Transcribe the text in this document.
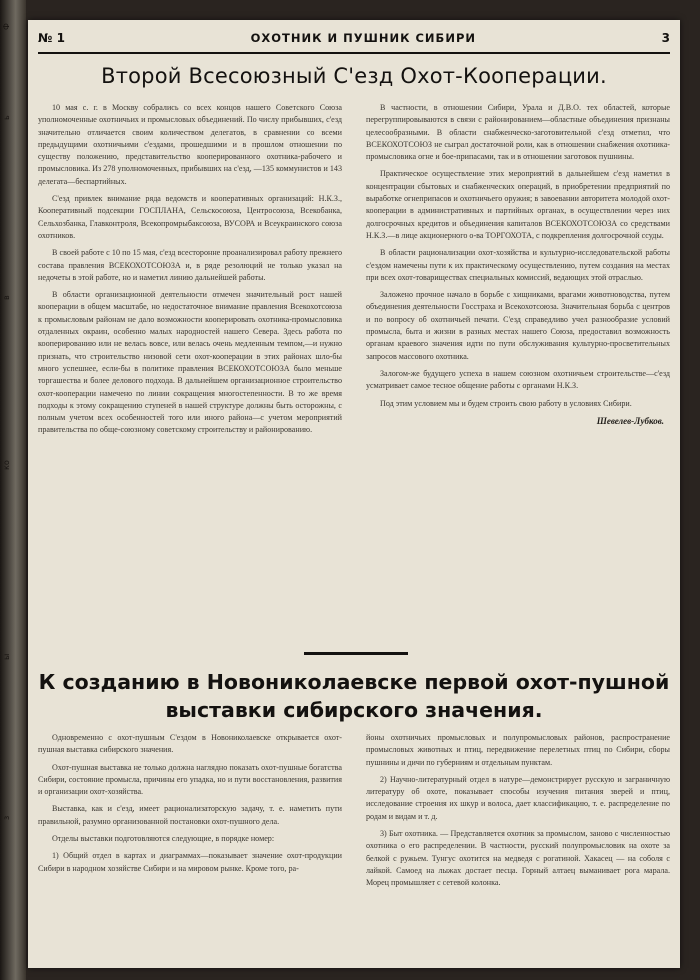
Ф
ь
в
ко
ы
з
№ 1	ОХОТНИК И ПУШНИК СИБИРИ	3
Второй Всесоюзный С'езд Охот-Кооперации.

10 мая с. г. в Москву собрались со всех концов нашего Советского Союза уполномоченные охотничьих и промысловых объединений. По числу прибывших, с'езд значительно отличается своим количеством делегатов, в сравнении со всеми предыдущими охотничьими с'ездами, прошедшими и в прошлом отношении по существу положению, представительство кооперированного охотника-рабочего и промысловика. Из 278 уполномоченных, прибывших на с'езд, —135 коммунистов и 143 делегата—беспартийных.

С'езд привлек внимание ряда ведомств и кооперативных организаций: Н.К.З., Кооперативный подсекции ГОСПЛАНА, Сельскосоюза, Центросоюза, Всекобанка, Сельхозбанка, Главконтроля, Всекопромрыбаксоюза, ВУСОРА и Всеукраинского союза охотников.

В своей работе с 10 по 15 мая, с'езд всесторонне проанализировал работу прежнего состава правления ВСЕКОХОТСОЮЗА и, в ряде резолюций не только указал на недочеты в этой работе, но и наметил линию дальнейшей работы.

В области организационной деятельности отмечен значительный рост нашей кооперации в общем масштабе, но недостаточное внимание правления Всекохотсоюза к промысловым районам не дало возможности кооперировать охотника-промысловика отдаленных окраин, особенно малых народностей нашего Севера. Здесь работа по кооперированию или не велась вовсе, или велась очень медленным темпом,—и нужно признать, что строительство низовой сети охот-кооперации в этих районах шло-бы много успешнее, если-бы в политике правления ВСЕКОХОТСОЮЗА было меньше торгашества и более делового подхода. В дальнейшем организационное строительство охот-кооперации намечено по линии сокращения многостепенности. В то же время подходы к этому сокращению ступеней в нашей структуре должны быть осторожны, с полным учетом всех особенностей того или иного района—с учетом мероприятий правительства по обще-союзному советскому строительству и районированию.

В частности, в отношении Сибири, Урала и Д.В.О. тех областей, которые перегруппировываются в связи с районированием—областные объединения признаны целесообразными. В области снабженческо-заготовительной с'езд отметил, что ВСЕКОХОТСОЮЗ не сыграл достаточной роли, как в отношении снабжения охотника-промысловика огне и бое-припасами, так и в отношении заготовок пушнины.

Практическое осуществление этих мероприятий в дальнейшем с'езд наметил в концентрации сбытовых и снабженческих операций, в приобретении предприятий по выработке огнеприпасов и охотничьего оружия; в завоевании авторитета молодой охот-кооперации в административных и партийных органах, в осуществлении через них долгосрочных кредитов и объединения капиталов ВСЕКОХОТСОЮЗА со средствами Н.К.З.—в лице акционерного о-ва ТОРГОХОТА, с подкрепления долгосрочной ссуды.

В области рационализации охот-хозяйства и культурно-исследовательской работы с'ездом намечены пути к их практическому осуществлению, путем создания на местах при всех охот-товариществах специальных комиссий, ведающих этой отраслью.

Заложено прочное начало в борьбе с хищниками, врагами животноводства, путем объединения деятельности Госстраха и Всекохотсоюза. Значительная борьба с центров и по вопросу об охотничьей печати. С'езд справедливо учел разнообразие условий промысла, быта и жизни в разных местах нашего Союза, предоставил возможность органам краевого значения идти по пути обслуживания культурно-просветительных запросов массового охотника.

Залогом-же будущего успеха в нашем союзном охотничьем строительстве—с'езд усматривает самое тесное общение работы с органами Н.К.З.

Под этим условием мы и будем строить свою работу в условиях Сибири.

Шевелев-Лубков.
К созданию в Новониколаевске первой охот-пушной
выставки сибирского значения.

Одновременно с охот-пушным С'ездом в Новониколаевске открывается охот-пушная выставка сибирского значения.

Охот-пушная выставка не только должна наглядно показать охот-пушные богатства Сибири, состояние промысла, причины его упадка, но и пути восстановления, развития и организации охот-хозяйства.

Выставка, как и с'езд, имеет рационализаторскую задачу, т. е. наметить пути правильной, разумно организованной постановки охот-пушного дела.

Отделы выставки подготовляются следующие, в порядке номер:

1) Общий отдел в картах и диаграммах—показывает значение охот-продукции Сибири в народном хозяйстве Сибири и на мировом рынке. Кроме того, ра-

йоны охотничьих промысловых и полупромысловых районов, распространение промысловых животных и птиц, передвижение перелетных птиц по Сибири, сборы пушнины и дичи по губерниям и отдельным пунктам.

2) Научно-литературный отдел в натуре—демонстрирует русскую и заграничную литературу об охоте, показывает способы изучения питания зверей и птиц, исследование строения их шкур и волоса, дает классификацию, т. е. распределение по родам и видам и т. д.

3) Быт охотника. — Представляется охотник за промыслом, заново с численностью охотника о его распределении. В частности, русский полупромысловик на охоте за белкой с ружьем. Тунгус охотится на медведя с рогатиной. Хакасец — на соболя с лайкой. Самоед на лыжах достает песца. Горный алтаец выманивает рога марала. Морец промышляет с сетевой колонка.
